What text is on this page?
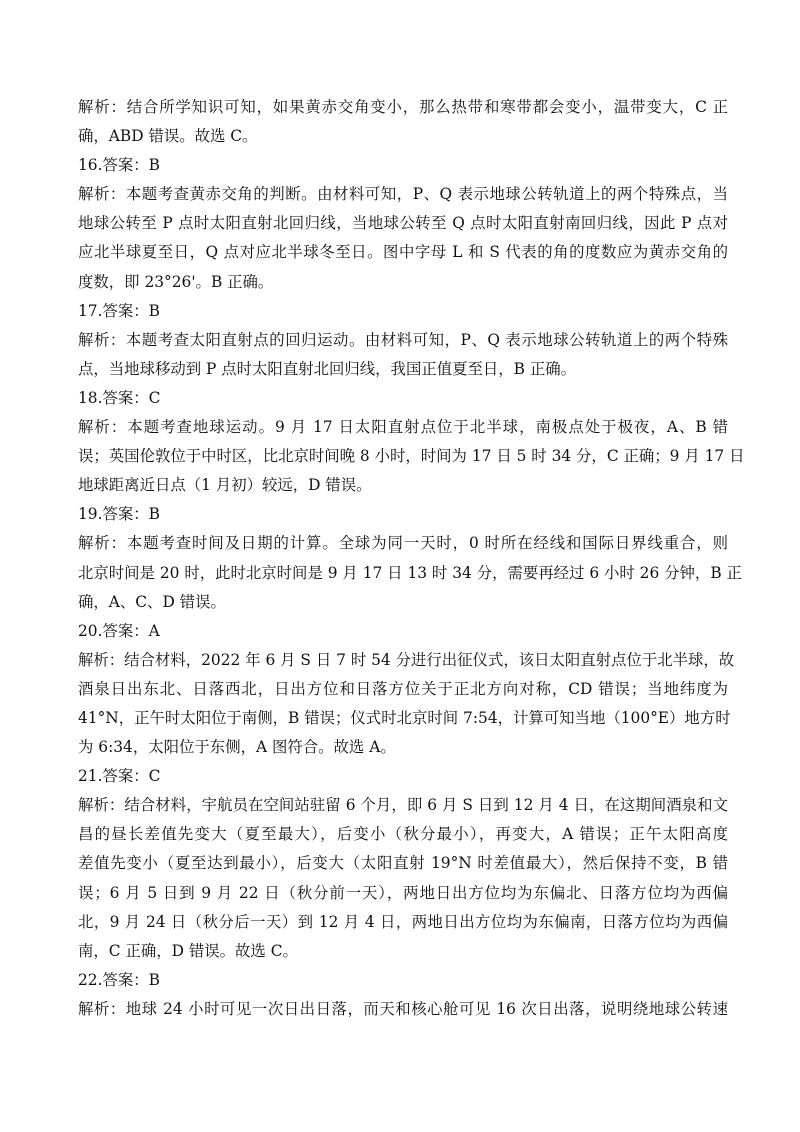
解析：结合所学知识可知，如果黄赤交角变小，那么热带和寒带都会变小，温带变大，C 正
确，ABD 错误。故选 C。
16.答案：B
解析：本题考查黄赤交角的判断。由材料可知，P、Q 表示地球公转轨道上的两个特殊点，当
地球公转至 P 点时太阳直射北回归线，当地球公转至 Q 点时太阳直射南回归线，因此 P 点对
应北半球夏至日，Q 点对应北半球冬至日。图中字母 L 和 S 代表的角的度数应为黄赤交角的
度数，即 23°26'。B 正确。
17.答案：B
解析：本题考查太阳直射点的回归运动。由材料可知，P、Q 表示地球公转轨道上的两个特殊
点，当地球移动到 P 点时太阳直射北回归线，我国正值夏至日，B 正确。
18.答案：C
解析：本题考查地球运动。9 月 17 日太阳直射点位于北半球，南极点处于极夜，A、B 错
误；英国伦敦位于中时区，比北京时间晚 8 小时，时间为 17 日 5 时 34 分，C 正确；9 月 17 日
地球距离近日点（1 月初）较远，D 错误。
19.答案：B
解析：本题考查时间及日期的计算。全球为同一天时，0 时所在经线和国际日界线重合，则
北京时间是 20 时，此时北京时间是 9 月 17 日 13 时 34 分，需要再经过 6 小时 26 分钟，B 正
确，A、C、D 错误。
20.答案：A
解析：结合材料，2022 年 6 月 S 日 7 时 54 分进行出征仪式，该日太阳直射点位于北半球，故
酒泉日出东北、日落西北，日出方位和日落方位关于正北方向对称，CD 错误；当地纬度为
41°N，正午时太阳位于南侧，B 错误；仪式时北京时间 7:54，计算可知当地（100°E）地方时
为 6:34，太阳位于东侧，A 图符合。故选 A。
21.答案：C
解析：结合材料，宇航员在空间站驻留 6 个月，即 6 月 S 日到 12 月 4 日，在这期间酒泉和文
昌的昼长差值先变大（夏至最大），后变小（秋分最小），再变大，A 错误；正午太阳高度
差值先变小（夏至达到最小），后变大（太阳直射 19°N 时差值最大），然后保持不变，B 错
误；6 月 5 日到 9 月 22 日（秋分前一天），两地日出方位均为东偏北、日落方位均为西偏
北，9 月 24 日（秋分后一天）到 12 月 4 日，两地日出方位均为东偏南，日落方位均为西偏
南，C 正确，D 错误。故选 C。
22.答案：B
解析：地球 24 小时可见一次日出日落，而天和核心舱可见 16 次日出落，说明绕地球公转速
